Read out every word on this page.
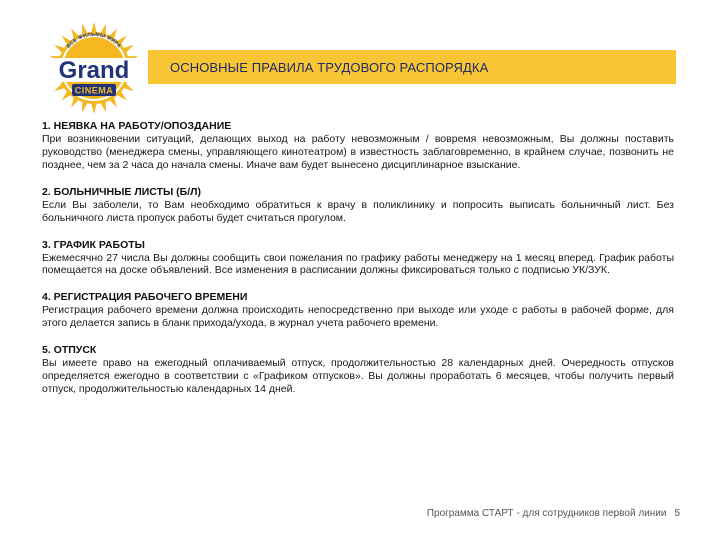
ВСЕ ФИЛЬМЫ МИРА
Grand
CINEMA
ОСНОВНЫЕ ПРАВИЛА ТРУДОВОГО РАСПОРЯДКА
1. НЕЯВКА НА РАБОТУ/ОПОЗДАНИЕ

При возникновении ситуаций, делающих выход на работу невозможным / вовремя невозможным, Вы должны поставить руководство (менеджера смены, управляющего кинотеатром) в известность заблаговременно, в крайнем случае, позвонить не позднее, чем за 2 часа до начала смены. Иначе вам будет вынесено дисциплинарное взыскание.

2. БОЛЬНИЧНЫЕ ЛИСТЫ (Б/Л)

Если Вы заболели, то Вам необходимо обратиться к врачу в поликлинику и попросить выписать больничный лист. Без больничного листа пропуск работы будет считаться прогулом.

3. ГРАФИК РАБОТЫ

Ежемесячно 27 числа Вы должны сообщить свои пожелания по графику работы менеджеру на 1 месяц вперед. График работы помещается на доске объявлений. Все изменения в расписании должны фиксироваться только с подписью УК/ЗУК.

4. РЕГИСТРАЦИЯ РАБОЧЕГО ВРЕМЕНИ

Регистрация рабочего времени должна происходить непосредственно при выходе или уходе с работы в рабочей форме, для этого делается запись в бланк прихода/ухода, в журнал учета рабочего времени.

5. ОТПУСК

Вы имеете право на ежегодный оплачиваемый отпуск, продолжительностью 28 календарных дней. Очередность отпусков определяется ежегодно в соответствии с «Графиком отпусков». Вы должны проработать 6 месяцев, чтобы получить первый отпуск, продолжительностью календарных 14 дней.

Программа СТАРТ - для сотрудников первой линии 5
